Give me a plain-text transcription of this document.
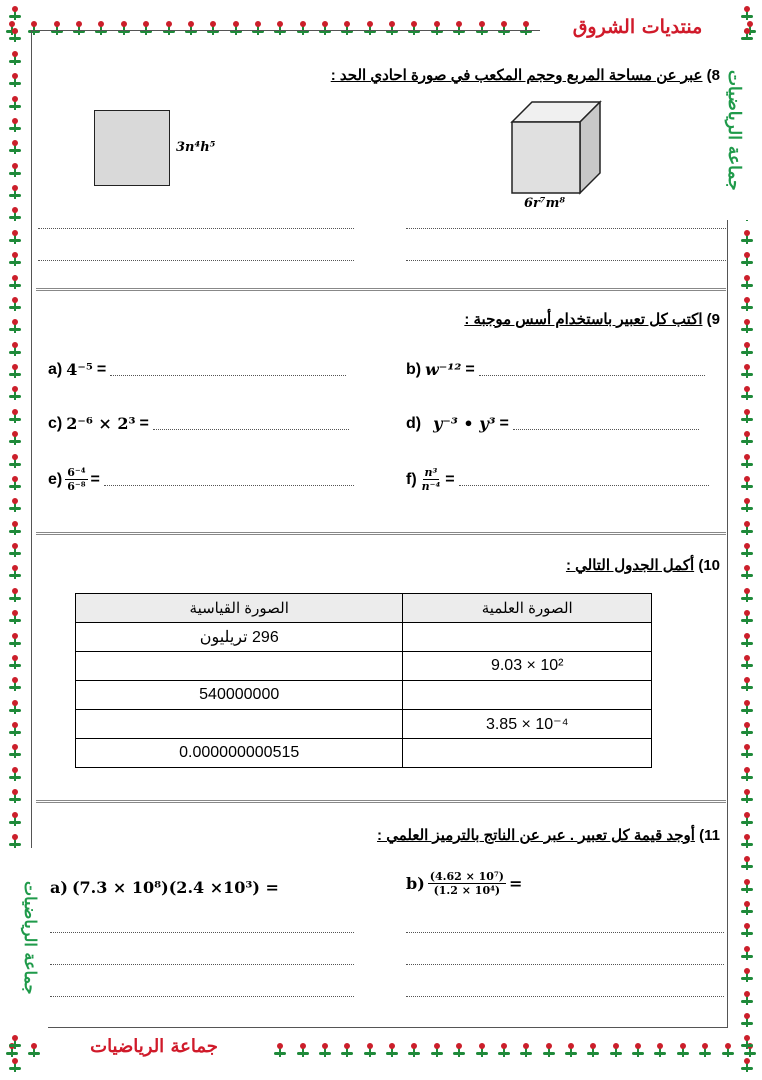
منتديات الشروق
جماعة الرياضيات
جماعة الرياضيات
جماعة الرياضيات
8) عبر عن مساحة المربع وحجم المكعب في صورة احادي الحد :
3n⁴h⁵
6r⁷m⁸
9) اكتب كل تعبير باستخدام أسس موجبة :
a) 4⁻⁵ =	b) w⁻¹² =
c) 2⁻⁶ × 2³ =	d) y⁻³ • y³ =
$e) \frac{\text{6⁻⁴}}{\text{6⁻⁸}}$ =	$f) \frac{\text{n³}}{\text{n⁻⁴}}$ =
10) أكمل الجدول التالي :
الصورة القياسية	الصورة العلمية
296 تريليون	
	9.03 × 10²
540000000	
	3.85 × 10⁻⁴
0.000000000515	
11) أوجد قيمة كل تعبير . عبر عن الناتج بالترميز العلمي :
a) (7.3 × 10⁸)(2.4 ×10³) =	$b) \frac{\text{(4.62 × 10⁷)}}{\text{(1.2 × 10⁴)}}$ =
